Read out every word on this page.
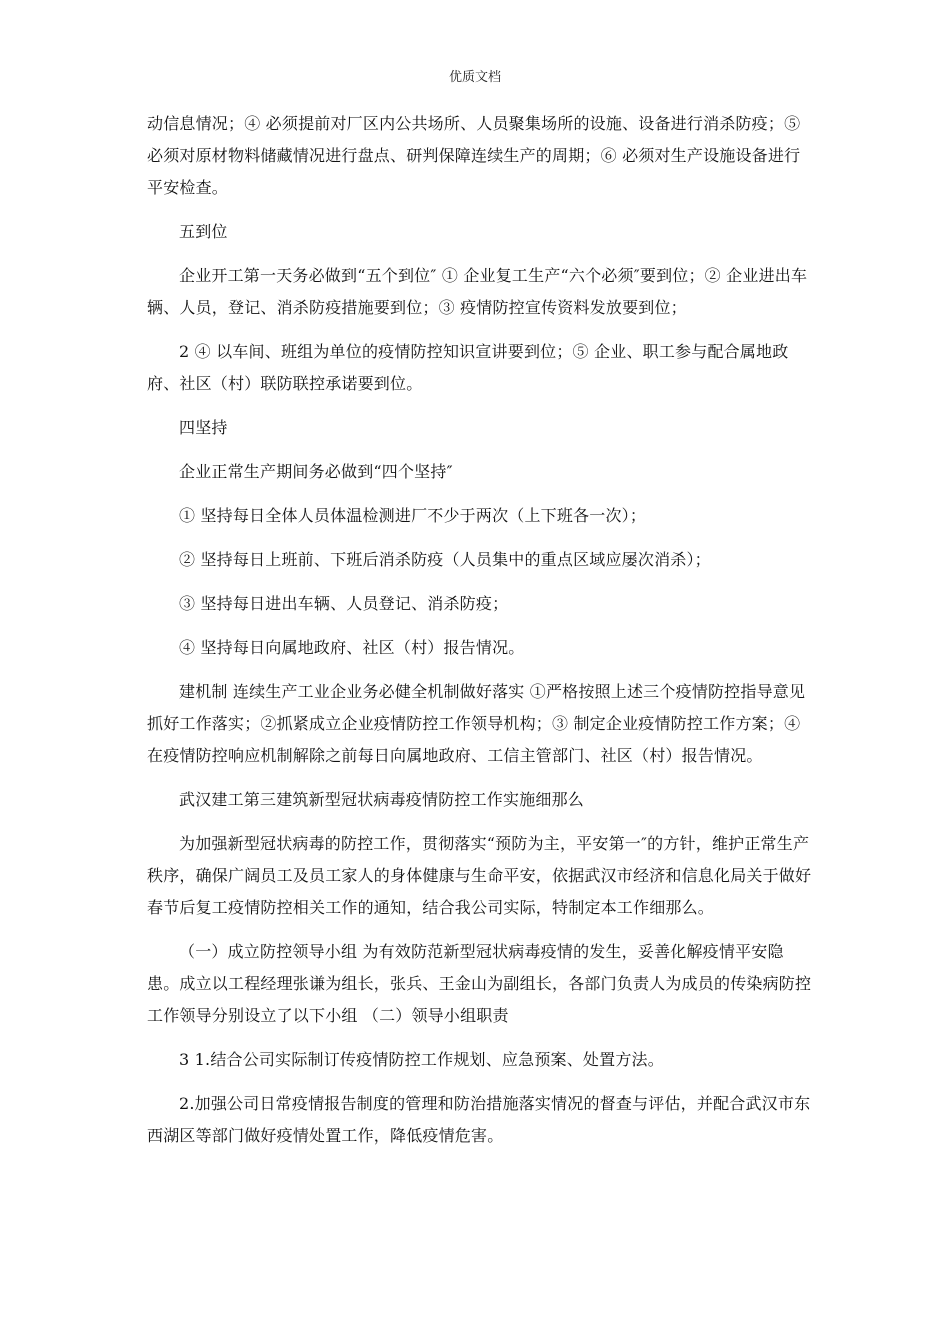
优质文档

动信息情况；④ 必须提前对厂区内公共场所、人员聚集场所的设施、设备进行消杀防疫；⑤ 必须对原材物料储藏情况进行盘点、研判保障连续生产的周期；⑥ 必须对生产设施设备进行平安检查。

五到位

企业开工第一天务必做到“五个到位″ ① 企业复工生产“六个必须″要到位；② 企业进出车辆、人员，登记、消杀防疫措施要到位；③ 疫情防控宣传资料发放要到位；

2 ④ 以车间、班组为单位的疫情防控知识宣讲要到位；⑤ 企业、职工参与配合属地政府、社区（村）联防联控承诺要到位。

四坚持

企业正常生产期间务必做到“四个坚持″

① 坚持每日全体人员体温检测进厂不少于两次（上下班各一次）；

② 坚持每日上班前、下班后消杀防疫（人员集中的重点区域应屡次消杀）；

③ 坚持每日进出车辆、人员登记、消杀防疫；

④ 坚持每日向属地政府、社区（村）报告情况。

建机制 连续生产工业企业务必健全机制做好落实 ①严格按照上述三个疫情防控指导意见抓好工作落实；②抓紧成立企业疫情防控工作领导机构；③ 制定企业疫情防控工作方案；④ 在疫情防控响应机制解除之前每日向属地政府、工信主管部门、社区（村）报告情况。

武汉建工第三建筑新型冠状病毒疫情防控工作实施细那么

为加强新型冠状病毒的防控工作，贯彻落实“预防为主，平安第一″的方针，维护正常生产秩序，确保广阔员工及员工家人的身体健康与生命平安，依据武汉市经济和信息化局关于做好春节后复工疫情防控相关工作的通知，结合我公司实际，特制定本工作细那么。

（一）成立防控领导小组 为有效防范新型冠状病毒疫情的发生，妥善化解疫情平安隐患。成立以工程经理张谦为组长，张兵、王金山为副组长，各部门负责人为成员的传染病防控工作领导分别设立了以下小组 （二）领导小组职责

3 1.结合公司实际制订传疫情防控工作规划、应急预案、处置方法。

2.加强公司日常疫情报告制度的管理和防治措施落实情况的督查与评估，并配合武汉市东西湖区等部门做好疫情处置工作，降低疫情危害。
